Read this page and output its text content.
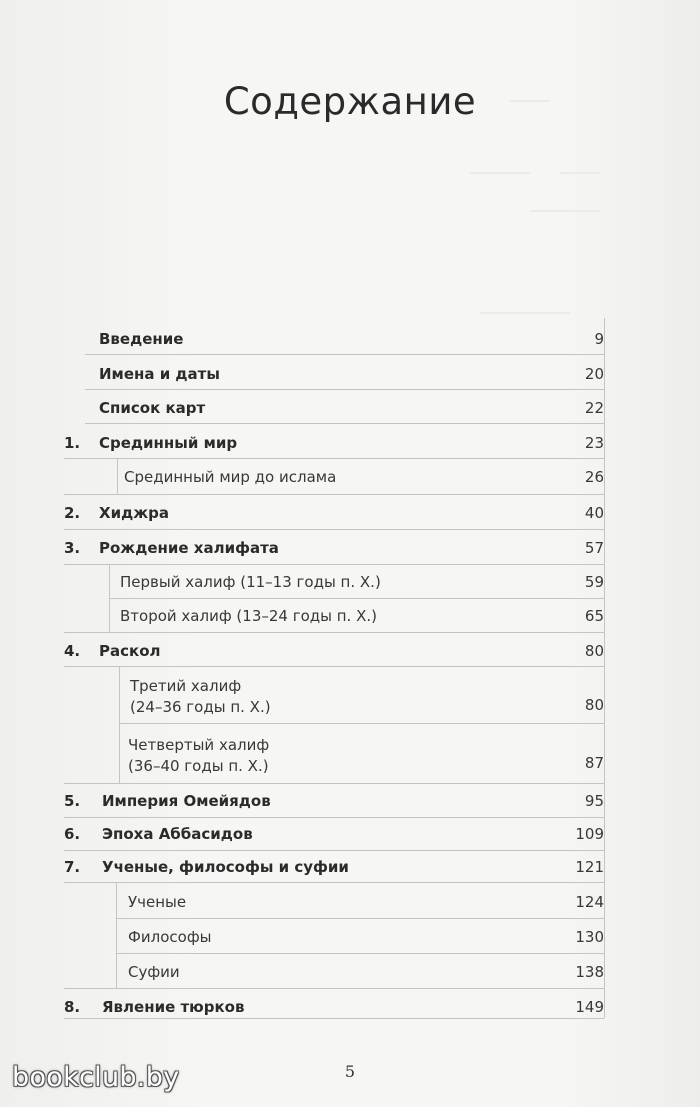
Содержание
Введение	9
Имена и даты	20
Список карт	22
1. Срединный мир	23
Срединный мир до ислама	26
2. Хиджра	40
3. Рождение халифата	57
Первый халиф (11–13 годы п. Х.)	59
Второй халиф (13–24 годы п. Х.)	65
4. Раскол	80
Третий халиф
(24–36 годы п. Х.)	80
Четвертый халиф
(36–40 годы п. Х.)	87
5. Империя Омейядов	95
6. Эпоха Аббасидов	109
7. Ученые, философы и суфии	121
Ученые	124
Философы	130
Суфии	138
8. Явление тюрков	149
5
bookclub.by
